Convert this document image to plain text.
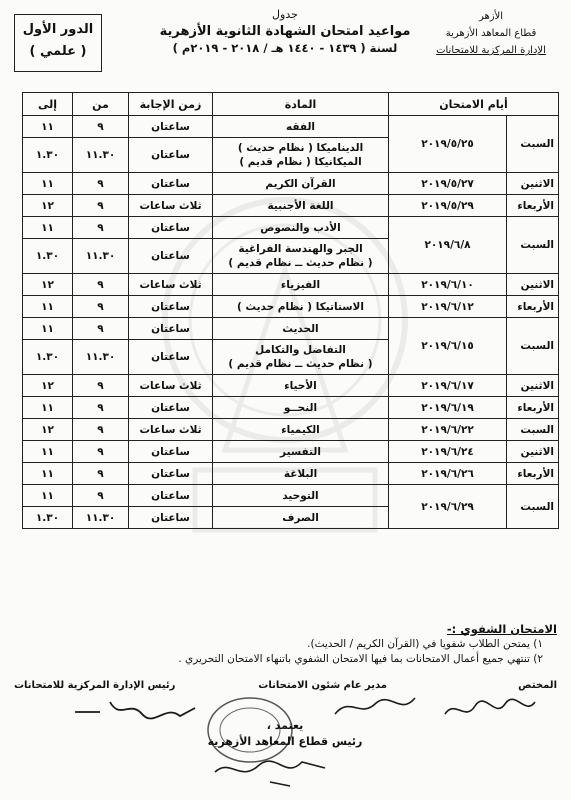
الأزهر
قطاع المعاهد الأزهرية
الإدارة المركزية للامتحانات
جدول
مواعيد امتحان الشهادة الثانوية الأزهرية
لسنة ( ١٤٣٩ - ١٤٤٠ هـ / ٢٠١٨ - ٢٠١٩م )
الدور الأول
( علمي )
أيام الامتحان		المادة	زمن الإجابة	من	إلى
السبت	٢٠١٩/٥/٢٥	الفقه	ساعتان	٩	١١

		الديناميكا ( نظام حديث )
الميكانيكا ( نظام قديم )	ساعتان	١١.٣٠	١.٣٠
الاثنين	٢٠١٩/٥/٢٧	القرآن الكريم	ساعتان	٩	١١
الأربعاء	٢٠١٩/٥/٢٩	اللغة الأجنبية	ثلاث ساعات	٩	١٢
السبت	٢٠١٩/٦/٨	الأدب والنصوص	ساعتان	٩	١١

		الجبر والهندسة الفراغية
( نظام حديث ــ نظام قديم )	ساعتان	١١.٣٠	١.٣٠
الاثنين	٢٠١٩/٦/١٠	الفيزياء	ثلاث ساعات	٩	١٢
الأربعاء	٢٠١٩/٦/١٢	الاستاتيكا ( نظام حديث )	ساعتان	٩	١١
السبت	٢٠١٩/٦/١٥	الحديث	ساعتان	٩	١١

		التفاضل والتكامل
( نظام حديث ــ نظام قديم )	ساعتان	١١.٣٠	١.٣٠
الاثنين	٢٠١٩/٦/١٧	الأحياء	ثلاث ساعات	٩	١٢
الأربعاء	٢٠١٩/٦/١٩	النحــو	ساعتان	٩	١١
السبت	٢٠١٩/٦/٢٢	الكيمياء	ثلاث ساعات	٩	١٢
الاثنين	٢٠١٩/٦/٢٤	التفسير	ساعتان	٩	١١
الأربعاء	٢٠١٩/٦/٢٦	البلاغة	ساعتان	٩	١١
السبت	٢٠١٩/٦/٢٩	التوحيد	ساعتان	٩	١١
		الصرف	ساعتان	١١.٣٠	١.٣٠
الامتحان الشفوي :-
١) يمتحن الطلاب شفويا في (القرآن الكريم / الحديث).
٢) تنتهي جميع أعمال الامتحانات بما فيها الامتحان الشفوي باتنهاء الامتحان التحريري .
المختص
مدير عام شئون الامتحانات
رئيس الإدارة المركزية للامتحانات
يعتمد ،
رئيس قطاع المعاهد الأزهرية
